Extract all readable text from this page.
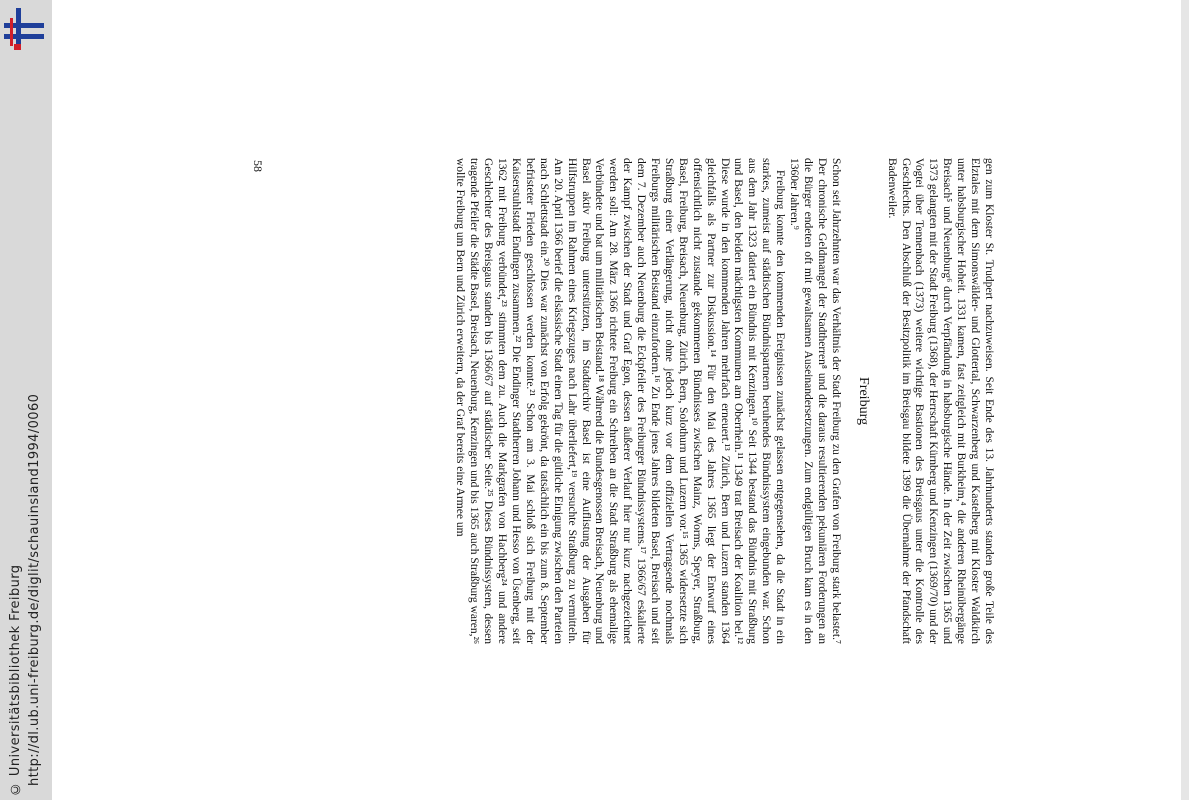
http://dl.ub.uni-freiburg.de/diglit/schauinsland1994/0060
© Universitätsbibliothek Freiburg

gen zum Kloster St. Trudpert nachzuweisen. Seit Ende des 13. Jahrhunderts standen große Teile des Elztales mit dem Simonswälder- und Glottertal, Schwarzenberg und Kastelberg mit Kloster Waldkirch unter habsburgischer Hoheit. 1331 kamen, fast zeitgleich mit Burkheim,⁴ die anderen Rheinübergänge Breisach⁵ und Neuenburg⁶ durch Verpfändung in habsburgische Hände. In der Zeit zwischen 1365 und 1373 gelangten mit der Stadt Freiburg (1368), der Herrschaft Kürnberg und Kenzingen (1369/70) und der Vogtei über Tennenbach (1373) weitere wichtige Bastionen des Breisgaus unter die Kontrolle des Geschlechts. Den Abschluß der Besitzpolitik im Breisgau bildete 1399 die Übernahme der Pfandschaft Badenweiler.

Freiburg

Schon seit Jahrzehnten war das Verhältnis der Stadt Freiburg zu den Grafen von Freiburg stark belastet.⁷ Der chronische Geldmangel der Stadtherren⁸ und die daraus resultierenden pekuniären Forderungen an die Bürger endeten oft mit gewaltsamen Auseinandersetzungen. Zum endgültigen Bruch kam es in den 1360er Jahren.⁹

Freiburg konnte den kommenden Ereignissen zunächst gelassen entgegensehen, da die Stadt in ein starkes, zumeist auf städtischen Bündnispartnern beruhendes Bündnissystem eingebunden war. Schon aus dem Jahr 1323 datiert ein Bündnis mit Kenzingen.¹⁰ Seit 1344 bestand das Bündnis mit Straßburg und Basel, den beiden mächtigsten Kommunen am Oberrhein.¹¹ 1349 trat Breisach der Koalition bei.¹² Diese wurde in den kommenden Jahren mehrfach erneuert.¹³ Zürich, Bern und Luzern standen 1364 gleichfalls als Partner zur Diskussion.¹⁴ Für den Mai des Jahres 1365 liegt der Entwurf eines offensichtlich nicht zustande gekommenen Bündnisses zwischen Mainz, Worms, Speyer, Straßburg, Basel, Freiburg, Breisach, Neuenburg, Zürich, Bern, Solothurn und Luzern vor.¹⁵ 1365 widersetzte sich Straßburg einer Verlängerung, nicht ohne jedoch kurz vor dem offiziellen Vertragsende nochmals Freiburgs militärischen Beistand einzufordern.¹⁶ Zu Ende jenes Jahres bildeten Basel, Breisach und seit dem 7. Dezember auch Neuenburg die Eckpfeiler des Freiburger Bündnissystems.¹⁷ 1366/67 eskalierte der Kampf zwischen der Stadt und Graf Egon, dessen äußerer Verlauf hier nur kurz nachgezeichnet werden soll: Am 28. März 1366 richtete Freiburg ein Schreiben an die Stadt Straßburg als ehemalige Verbündete und bat um militärischen Beistand.¹⁸ Während die Bundesgenossen Breisach, Neuenburg und Basel aktiv Freiburg unterstützten, im Stadtarchiv Basel ist eine Auflistung der Ausgaben für Hilfstruppen im Rahmen eines Kriegszuges nach Lahr überliefert,¹⁹ versuchte Straßburg zu vermitteln. Am 20. April 1366 berief die elsässische Stadt einen Tag für die gütliche Einigung zwischen den Parteien nach Schlettstadt ein.²⁰ Dies war zunächst von Erfolg gekrönt, da tatsächlich ein bis zum 8. September befristeter Frieden geschlossen werden konnte.²¹ Schon am 3. Mai schloß sich Freiburg mit der Kaiserstuhlstadt Endingen zusammen.²² Die Endinger Stadtherren Johann und Hesso von Üsenberg, seit 1362 mit Freiburg verbündet,²³ stimmten dem zu. Auch die Markgrafen von Hachberg²⁴ und andere Geschlechter des Breisgaus standen bis 1366/67 auf städtischer Seite.²⁵ Dieses Bündnissystem, dessen tragende Pfeiler die Städte Basel, Breisach, Neuenburg, Kenzingen und bis 1365 auch Straßburg waren,²⁶ wollte Freiburg um Bern und Zürich erweitern, da der Graf bereits eine Armee um

58
